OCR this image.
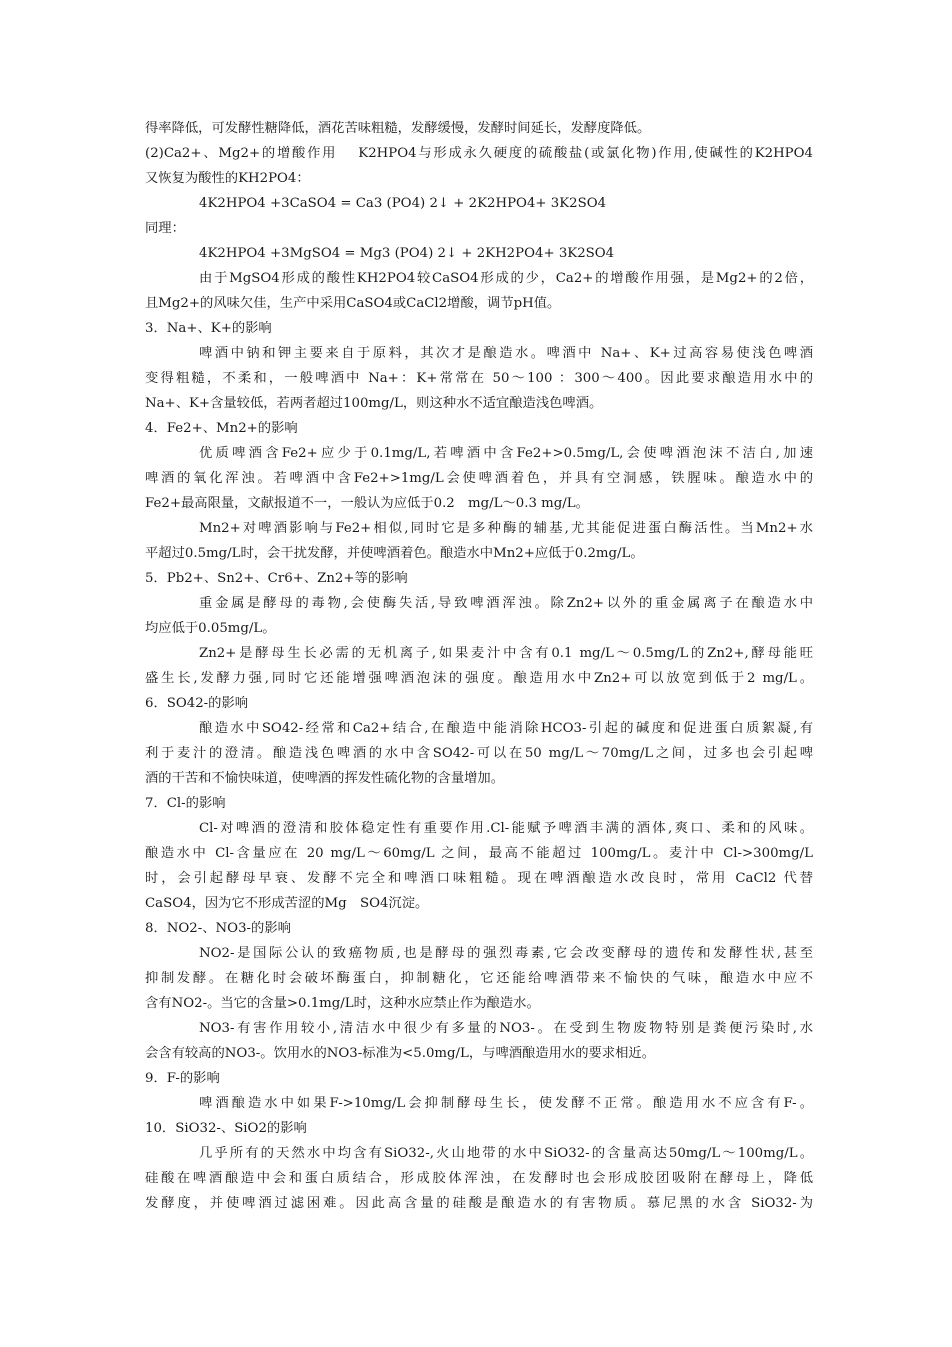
得率降低，可发酵性糖降低，酒花苦味粗糙，发酵缓慢，发酵时间延长，发酵度降低。
(2)Ca2+、Mg2+的增酸作用　 K2HPO4与形成永久硬度的硫酸盐(或氯化物)作用,使碱性的K2HPO4
又恢复为酸性的KH2PO4：
4K2HPO4 +3CaSO4 = Ca3 (PO4) 2↓ + 2K2HPO4+ 3K2SO4
同理：
4K2HPO4 +3MgSO4 = Mg3 (PO4) 2↓ + 2KH2PO4+ 3K2SO4
由于MgSO4形成的酸性KH2PO4较CaSO4形成的少，Ca2+的增酸作用强，是Mg2+的2倍，
且Mg2+的风味欠佳，生产中采用CaSO4或CaCl2增酸，调节pH值。
3．Na+、K+的影响
啤酒中钠和钾主要来自于原料，其次才是酿造水。啤酒中 Na+、K+过高容易使浅色啤酒
变得粗糙，不柔和，一般啤酒中 Na+：K+常常在 50～100 ：300～400。因此要求酿造用水中的
Na+、K+含量较低，若两者超过100mg/L，则这种水不适宜酿造浅色啤酒。
4．Fe2+、Mn2+的影响
优质啤酒含Fe2+应少于0.1mg/L,若啤酒中含Fe2+>0.5mg/L,会使啤酒泡沫不洁白,加速
啤酒的氧化浑浊。若啤酒中含Fe2+>1mg/L会使啤酒着色，并具有空洞感，铁腥味。酿造水中的
Fe2+最高限量，文献报道不一，一般认为应低于0.2　mg/L～0.3 mg/L。
Mn2+对啤酒影响与Fe2+相似,同时它是多种酶的辅基,尤其能促进蛋白酶活性。当Mn2+水
平超过0.5mg/L时，会干扰发酵，并使啤酒着色。酿造水中Mn2+应低于0.2mg/L。
5．Pb2+、Sn2+、Cr6+、Zn2+等的影响
重金属是酵母的毒物,会使酶失活,导致啤酒浑浊。除Zn2+以外的重金属离子在酿造水中
均应低于0.05mg/L。
Zn2+是酵母生长必需的无机离子,如果麦汁中含有0.1 mg/L～0.5mg/L的Zn2+,酵母能旺
盛生长,发酵力强,同时它还能增强啤酒泡沫的强度。酿造用水中Zn2+可以放宽到低于2 mg/L。
6．SO42-的影响
酿造水中SO42-经常和Ca2+结合,在酿造中能消除HCO3-引起的碱度和促进蛋白质絮凝,有
利于麦汁的澄清。酿造浅色啤酒的水中含SO42-可以在50 mg/L～70mg/L之间，过多也会引起啤
酒的干苦和不愉快味道，使啤酒的挥发性硫化物的含量增加。
7．Cl-的影响
Cl-对啤酒的澄清和胶体稳定性有重要作用.Cl-能赋予啤酒丰满的酒体,爽口、柔和的风味。
酿造水中 Cl-含量应在 20 mg/L～60mg/L 之间，最高不能超过 100mg/L。麦汁中 Cl->300mg/L
时，会引起酵母早衰、发酵不完全和啤酒口味粗糙。现在啤酒酿造水改良时，常用 CaCl2 代替
CaSO4，因为它不形成苦涩的Mg　SO4沉淀。
8．NO2-、NO3-的影响
NO2-是国际公认的致癌物质,也是酵母的强烈毒素,它会改变酵母的遗传和发酵性状,甚至
抑制发酵。在糖化时会破坏酶蛋白，抑制糖化，它还能给啤酒带来不愉快的气味，酿造水中应不
含有NO2-。当它的含量>0.1mg/L时，这种水应禁止作为酿造水。
NO3-有害作用较小,清洁水中很少有多量的NO3-。在受到生物废物特别是粪便污染时,水
会含有较高的NO3-。饮用水的NO3-标准为<5.0mg/L，与啤酒酿造用水的要求相近。
9．F-的影响
啤酒酿造水中如果F->10mg/L会抑制酵母生长，使发酵不正常。酿造用水不应含有F-。
10．SiO32-、SiO2的影响
几乎所有的天然水中均含有SiO32-,火山地带的水中SiO32-的含量高达50mg/L～100mg/L。
硅酸在啤酒酿造中会和蛋白质结合，形成胶体浑浊，在发酵时也会形成胶团吸附在酵母上，降低
发酵度，并使啤酒过滤困难。因此高含量的硅酸是酿造水的有害物质。慕尼黑的水含 SiO32-为
